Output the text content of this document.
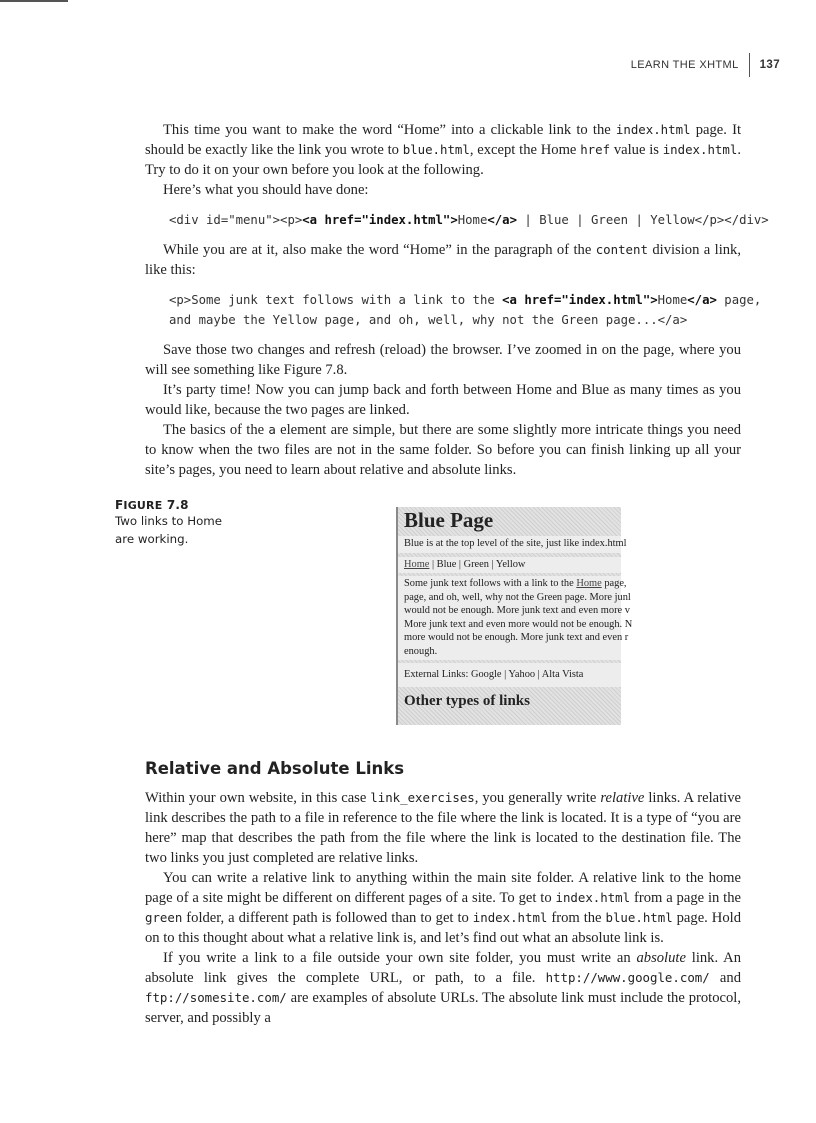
LEARN THE XHTML 137

This time you want to make the word “Home” into a clickable link to the index.html page. It should be exactly like the link you wrote to blue.html, except the Home href value is index.html. Try to do it on your own before you look at the following.

Here’s what you should have done:

<div id="menu"><p><a href="index.html">Home</a> | Blue | Green | Yellow</p></div>

While you are at it, also make the word “Home” in the paragraph of the content division a link, like this:

<p>Some junk text follows with a link to the <a href="index.html">Home</a> page,
and maybe the Yellow page, and oh, well, why not the Green page...</a>

Save those two changes and refresh (reload) the browser. I’ve zoomed in on the page, where you will see something like Figure 7.8.

It’s party time! Now you can jump back and forth between Home and Blue as many times as you would like, because the two pages are linked.

The basics of the a element are simple, but there are some slightly more intricate things you need to know when the two files are not in the same folder. So before you can finish linking up all your site’s pages, you need to learn about relative and absolute links.

FIGURE 7.8
Two links to Home are working.
Blue Page
Blue is at the top level of the site, just like index.html
Home | Blue | Green | Yellow
Some junk text follows with a link to the Home page,
page, and oh, well, why not the Green page. More junl
would not be enough. More junk text and even more v
More junk text and even more would not be enough. N
more would not be enough. More junk text and even r
enough.
External Links: Google | Yahoo | Alta Vista
Other types of links
Relative and Absolute Links

Within your own website, in this case link_exercises, you generally write relative links. A relative link describes the path to a file in reference to the file where the link is located. It is a type of “you are here” map that describes the path from the file where the link is located to the destination file. The two links you just completed are relative links.

You can write a relative link to anything within the main site folder. A relative link to the home page of a site might be different on different pages of a site. To get to index.html from a page in the green folder, a different path is followed than to get to index.html from the blue.html page. Hold on to this thought about what a relative link is, and let’s find out what an absolute link is.

If you write a link to a file outside your own site folder, you must write an absolute link. An absolute link gives the complete URL, or path, to a file. http://www.google.com/ and ftp://somesite.com/ are examples of absolute URLs. The absolute link must include the protocol, server, and possibly a
